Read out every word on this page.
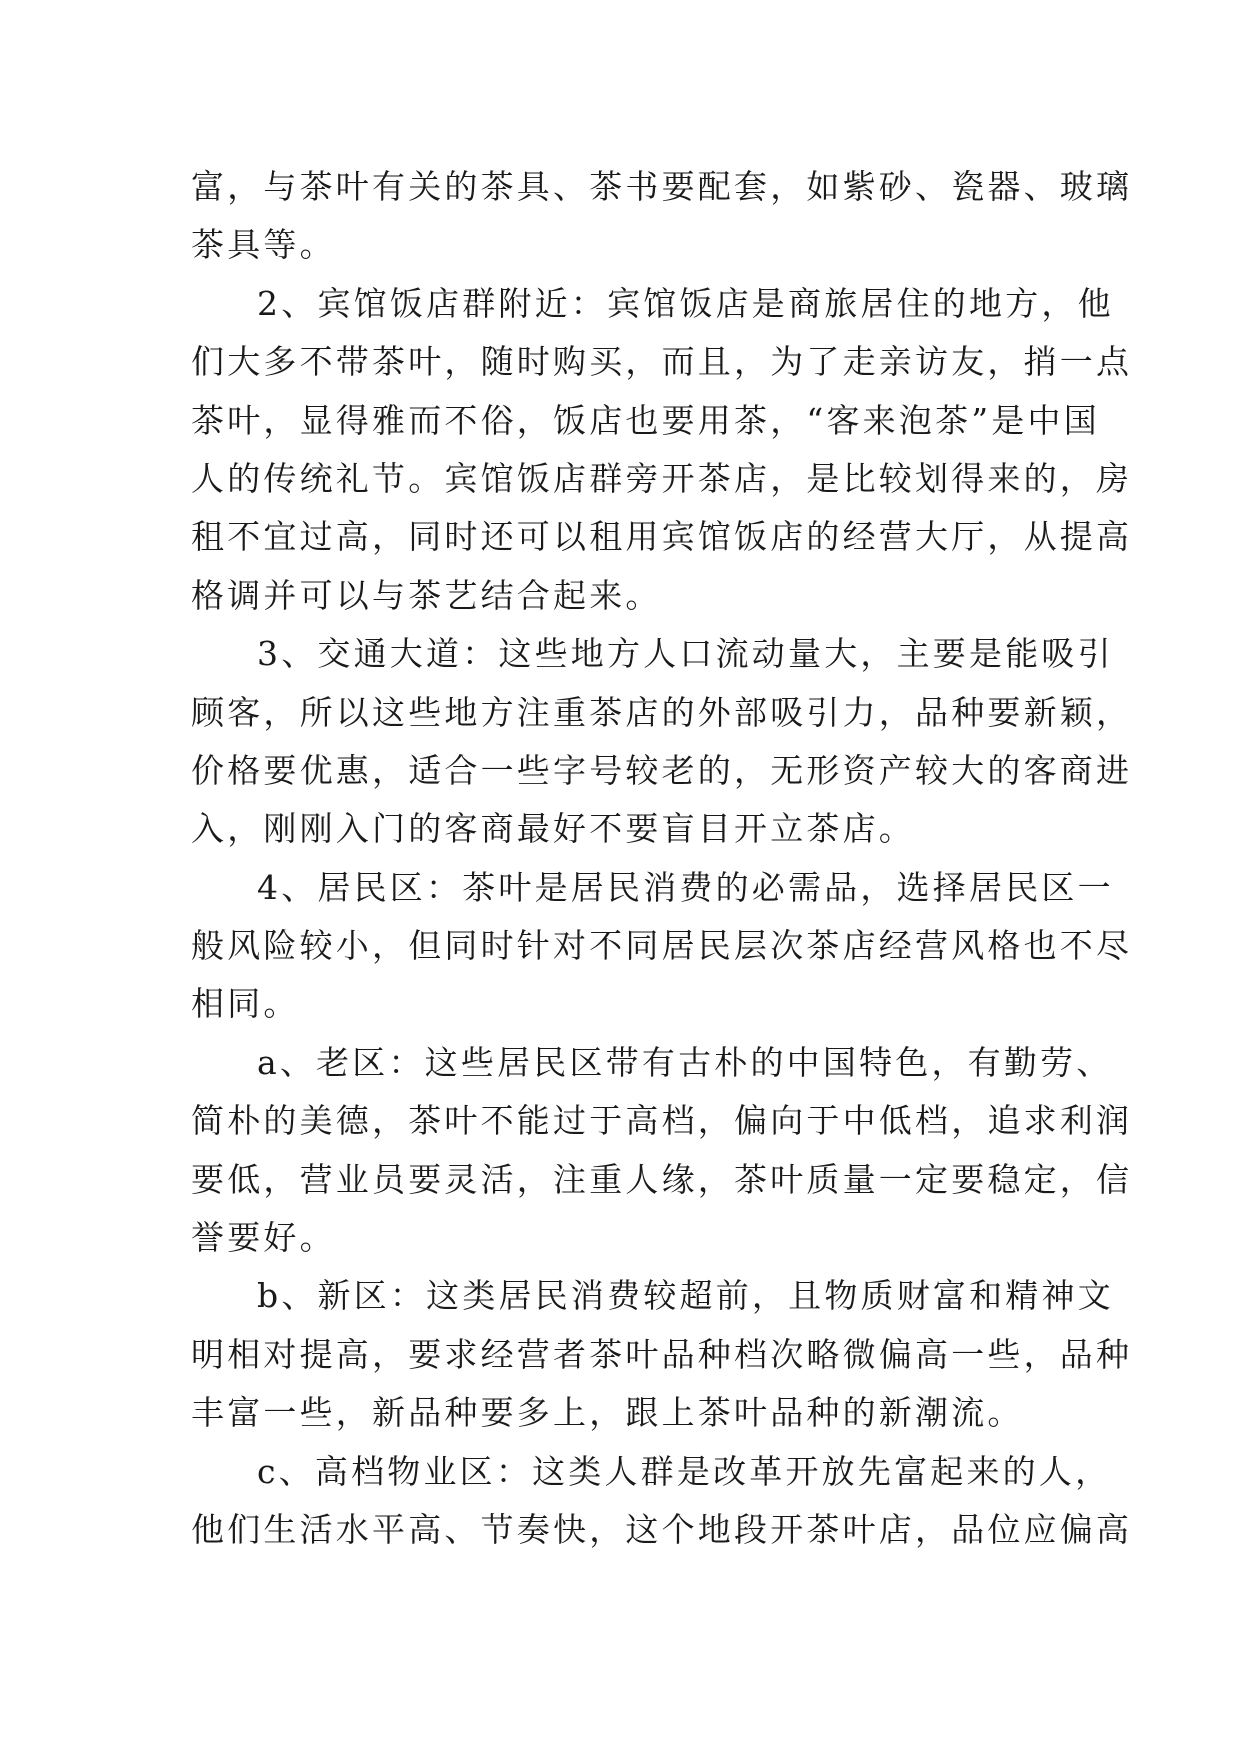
富，与茶叶有关的茶具、茶书要配套，如紫砂、瓷器、玻璃
茶具等。
2、宾馆饭店群附近：宾馆饭店是商旅居住的地方，他
们大多不带茶叶，随时购买，而且，为了走亲访友，捎一点
茶叶，显得雅而不俗，饭店也要用茶，“客来泡茶”是中国
人的传统礼节。宾馆饭店群旁开茶店，是比较划得来的，房
租不宜过高，同时还可以租用宾馆饭店的经营大厅，从提高
格调并可以与茶艺结合起来。
3、交通大道：这些地方人口流动量大，主要是能吸引
顾客，所以这些地方注重茶店的外部吸引力，品种要新颖，
价格要优惠，适合一些字号较老的，无形资产较大的客商进
入，刚刚入门的客商最好不要盲目开立茶店。
4、居民区：茶叶是居民消费的必需品，选择居民区一
般风险较小，但同时针对不同居民层次茶店经营风格也不尽
相同。
a、老区：这些居民区带有古朴的中国特色，有勤劳、
简朴的美德，茶叶不能过于高档，偏向于中低档，追求利润
要低，营业员要灵活，注重人缘，茶叶质量一定要稳定，信
誉要好。
b、新区：这类居民消费较超前，且物质财富和精神文
明相对提高，要求经营者茶叶品种档次略微偏高一些，品种
丰富一些，新品种要多上，跟上茶叶品种的新潮流。
c、高档物业区：这类人群是改革开放先富起来的人，
他们生活水平高、节奏快，这个地段开茶叶店，品位应偏高
